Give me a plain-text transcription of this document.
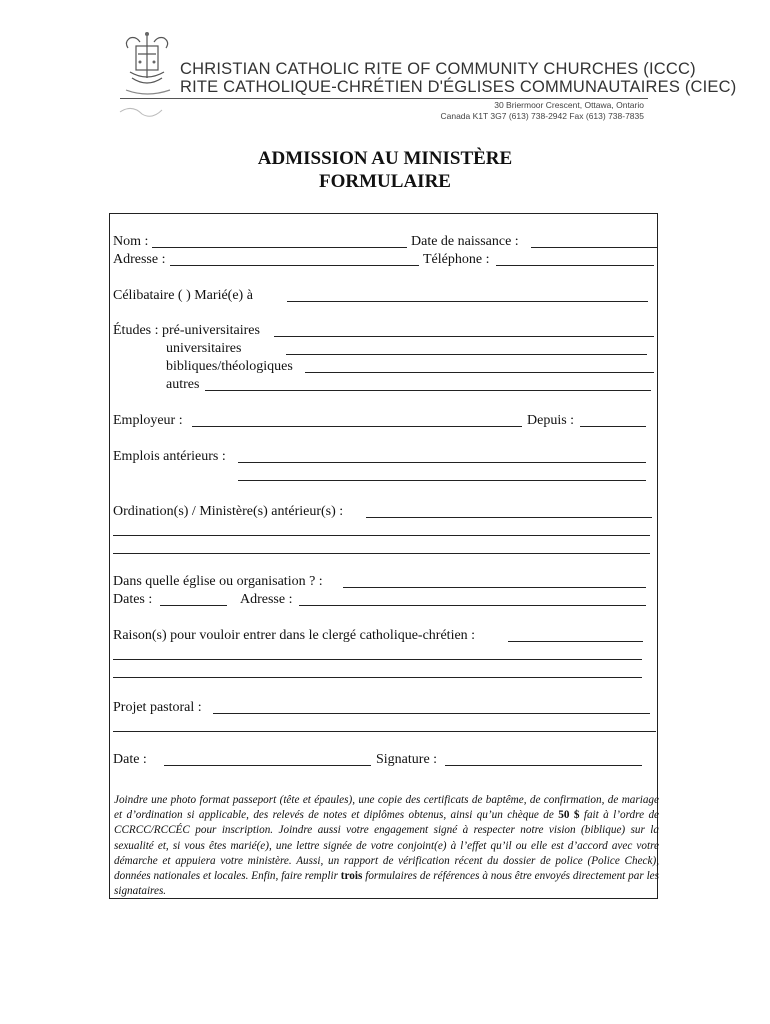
CHRISTIAN CATHOLIC RITE OF COMMUNITY CHURCHES (ICCC)
RITE CATHOLIQUE-CHRÉTIEN D'ÉGLISES COMMUNAUTAIRES (CIEC)
30 Briermoor Crescent, Ottawa, Ontario
Canada K1T 3G7 (613) 738-2942 Fax (613) 738-7835
ADMISSION AU MINISTÈRE
FORMULAIRE
Nom :	Date de naissance :
Adresse :	Téléphone :
Célibataire ( ) Marié(e) à
Études : pré-universitaires
universitaires
bibliques/théologiques
autres
Employeur :	Depuis :
Emplois antérieurs :
Ordination(s) / Ministère(s) antérieur(s) :
Dans quelle église ou organisation ? :
Dates :	Adresse :
Raison(s) pour vouloir entrer dans le clergé catholique-chrétien :
Projet pastoral :
Date :	Signature :
Joindre une photo format passeport (tête et épaules), une copie des certificats de baptême, de confirmation, de mariage et d’ordination si applicable, des relevés de notes et diplômes obtenus, ainsi qu’un chèque de 50 $ fait à l’ordre de CCRCC/RCCÉC pour inscription. Joindre aussi votre engagement signé à respecter notre vision (biblique) sur la sexualité et, si vous êtes marié(e), une lettre signée de votre conjoint(e) à l’effet qu’il ou elle est d’accord avec votre démarche et appuiera votre ministère. Aussi, un rapport de vérification récent du dossier de police (Police Check), données nationales et locales. Enfin, faire remplir trois formulaires de références à nous être envoyés directement par les signataires.
